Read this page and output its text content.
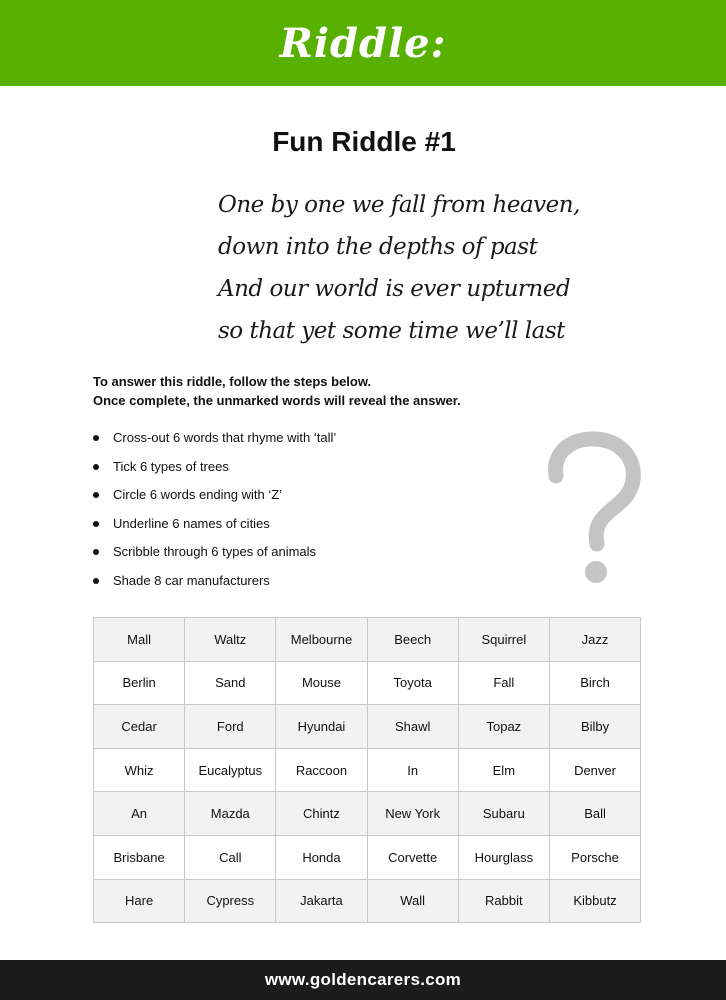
Riddle:
Fun Riddle #1
One by one we fall from heaven,
down into the depths of past
And our world is ever upturned
so that yet some time we’ll last
To answer this riddle, follow the steps below.
Once complete, the unmarked words will reveal the answer.
Cross-out 6 words that rhyme with ‘tall’
Tick 6 types of trees
Circle 6 words ending with ‘Z’
Underline 6 names of cities
Scribble through 6 types of animals
Shade 8 car manufacturers
Mall	Waltz	Melbourne	Beech	Squirrel	Jazz
Berlin	Sand	Mouse	Toyota	Fall	Birch
Cedar	Ford	Hyundai	Shawl	Topaz	Bilby
Whiz	Eucalyptus	Raccoon	In	Elm	Denver
An	Mazda	Chintz	New York	Subaru	Ball
Brisbane	Call	Honda	Corvette	Hourglass	Porsche
Hare	Cypress	Jakarta	Wall	Rabbit	Kibbutz
www.goldencarers.com
